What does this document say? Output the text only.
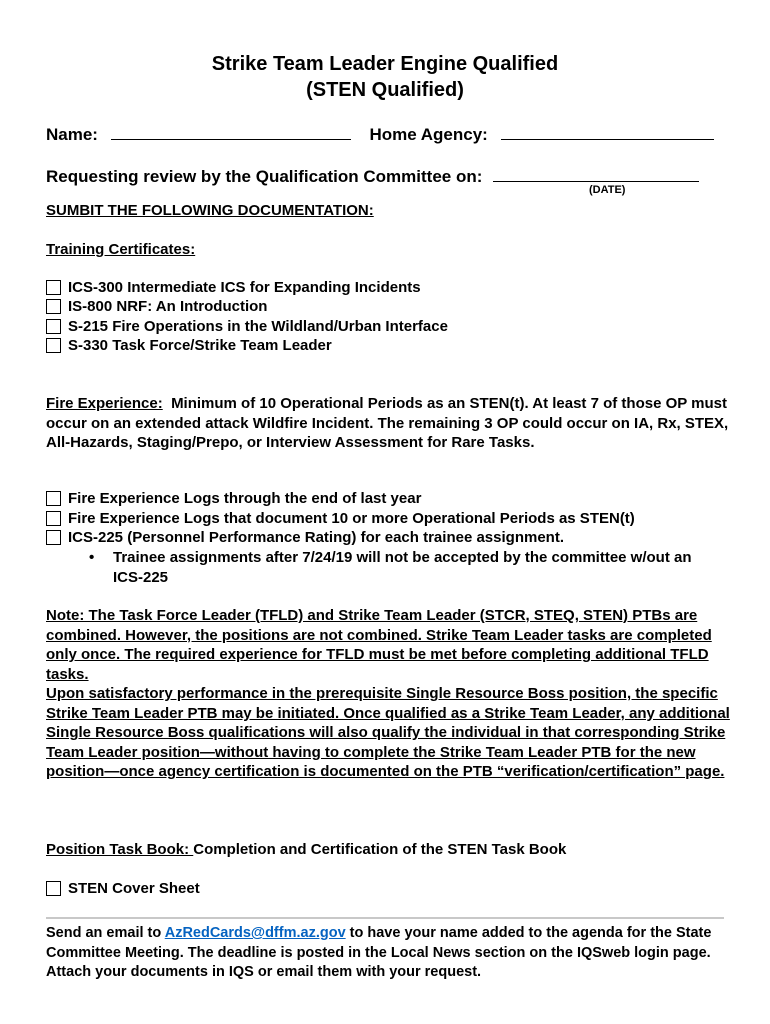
Strike Team Leader Engine Qualified
(STEN Qualified)
Name:	Home Agency:
Requesting review by the Qualification Committee on:
(DATE)
SUMBIT THE FOLLOWING DOCUMENTATION:
Training Certificates:
ICS-300 Intermediate ICS for Expanding Incidents
IS-800 NRF: An Introduction
S-215 Fire Operations in the Wildland/Urban Interface
S-330 Task Force/Strike Team Leader
Fire Experience: Minimum of 10 Operational Periods as an STEN(t). At least 7 of those OP must occur on an extended attack Wildfire Incident. The remaining 3 OP could occur on IA, Rx, STEX, All-Hazards, Staging/Prepo, or Interview Assessment for Rare Tasks.
Fire Experience Logs through the end of last year
Fire Experience Logs that document 10 or more Operational Periods as STEN(t)
ICS-225 (Personnel Performance Rating) for each trainee assignment.
• Trainee assignments after 7/24/19 will not be accepted by the committee w/out an ICS-225
Note: The Task Force Leader (TFLD) and Strike Team Leader (STCR, STEQ, STEN) PTBs are combined. However, the positions are not combined. Strike Team Leader tasks are completed only once. The required experience for TFLD must be met before completing additional TFLD tasks.
Upon satisfactory performance in the prerequisite Single Resource Boss position, the specific Strike Team Leader PTB may be initiated. Once qualified as a Strike Team Leader, any additional Single Resource Boss qualifications will also qualify the individual in that corresponding Strike Team Leader position—without having to complete the Strike Team Leader PTB for the new position—once agency certification is documented on the PTB “verification/certification” page.
Position Task Book: Completion and Certification of the STEN Task Book
STEN Cover Sheet
Send an email to AzRedCards@dffm.az.gov to have your name added to the agenda for the State Committee Meeting. The deadline is posted in the Local News section on the IQSweb login page. Attach your documents in IQS or email them with your request.
